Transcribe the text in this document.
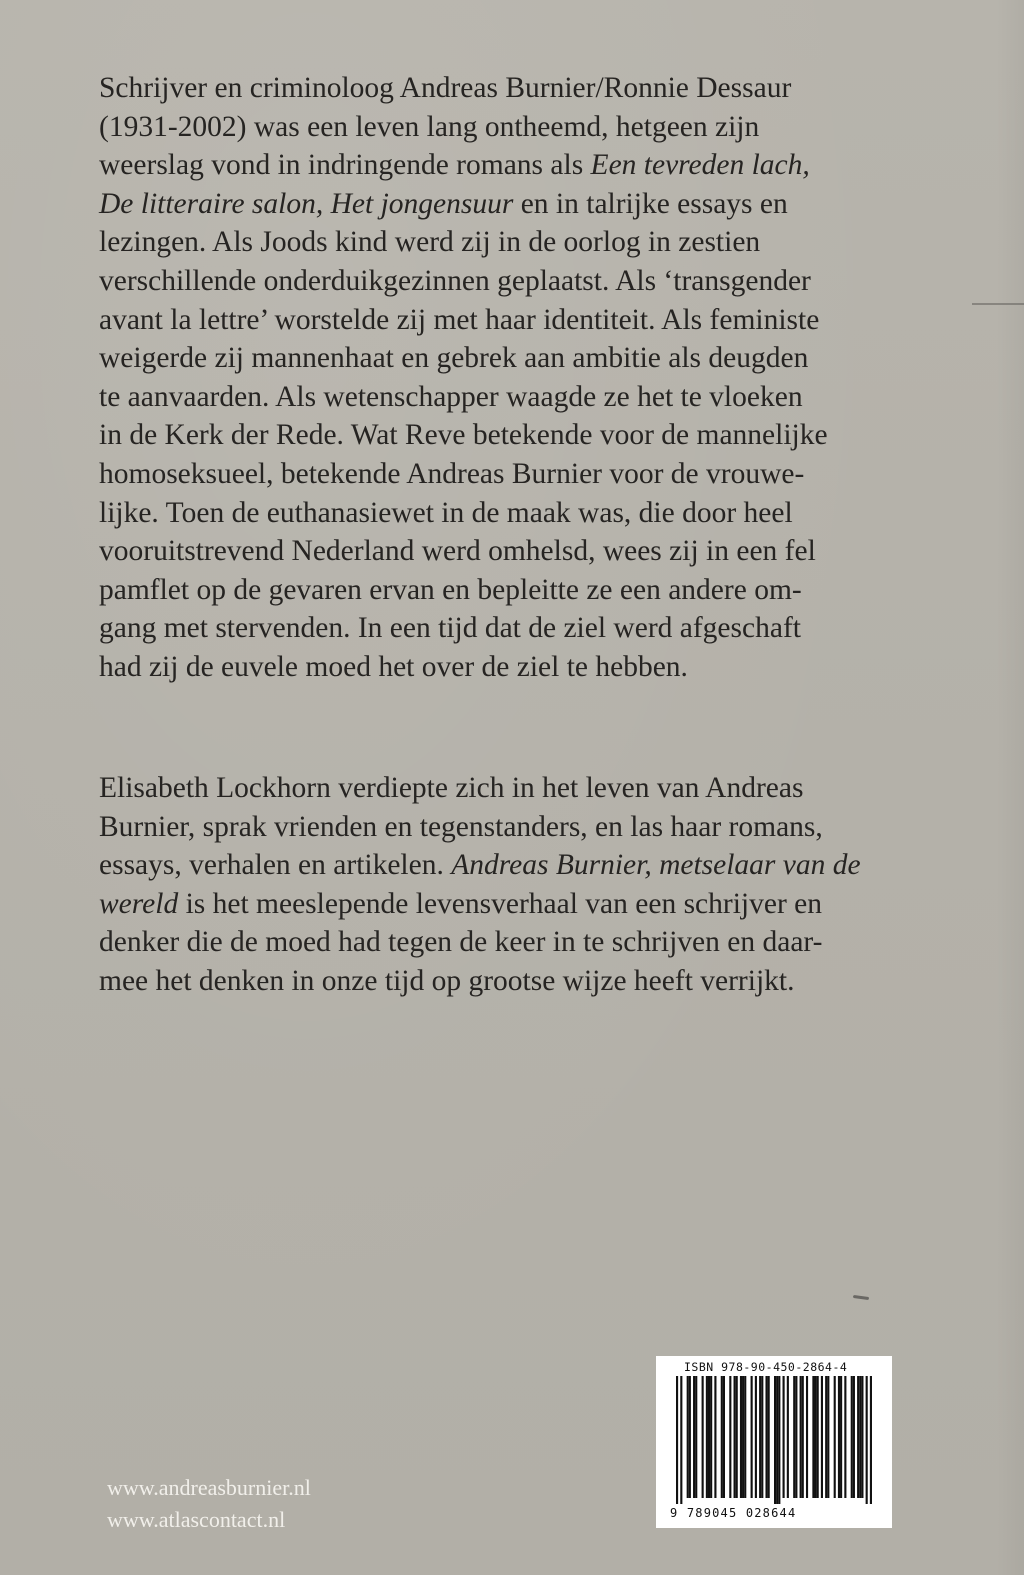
Schrijver en criminoloog Andreas Burnier/Ronnie Dessaur
(1931-2002) was een leven lang ontheemd, hetgeen zijn
weerslag vond in indringende romans als Een tevreden lach,
De litteraire salon, Het jongensuur en in talrijke essays en
lezingen. Als Joods kind werd zij in de oorlog in zestien
verschillende onderduikgezinnen geplaatst. Als ‘transgender
avant la lettre’ worstelde zij met haar identiteit. Als feministe
weigerde zij mannenhaat en gebrek aan ambitie als deugden
te aanvaarden. Als wetenschapper waagde ze het te vloeken
in de Kerk der Rede. Wat Reve betekende voor de mannelijke
homoseksueel, betekende Andreas Burnier voor de vrouwe-
lijke. Toen de euthanasiewet in de maak was, die door heel
vooruitstrevend Nederland werd omhelsd, wees zij in een fel
pamflet op de gevaren ervan en bepleitte ze een andere om-
gang met stervenden. In een tijd dat de ziel werd afgeschaft
had zij de euvele moed het over de ziel te hebben.

Elisabeth Lockhorn verdiepte zich in het leven van Andreas
Burnier, sprak vrienden en tegenstanders, en las haar romans,
essays, verhalen en artikelen. Andreas Burnier, metselaar van de
wereld is het meeslepende levensverhaal van een schrijver en
denker die de moed had tegen de keer in te schrijven en daar-
mee het denken in onze tijd op grootse wijze heeft verrijkt.

www.andreasburnier.nl
www.atlascontact.nl
ISBN 978-90-450-2864-4
9 789045 028644
